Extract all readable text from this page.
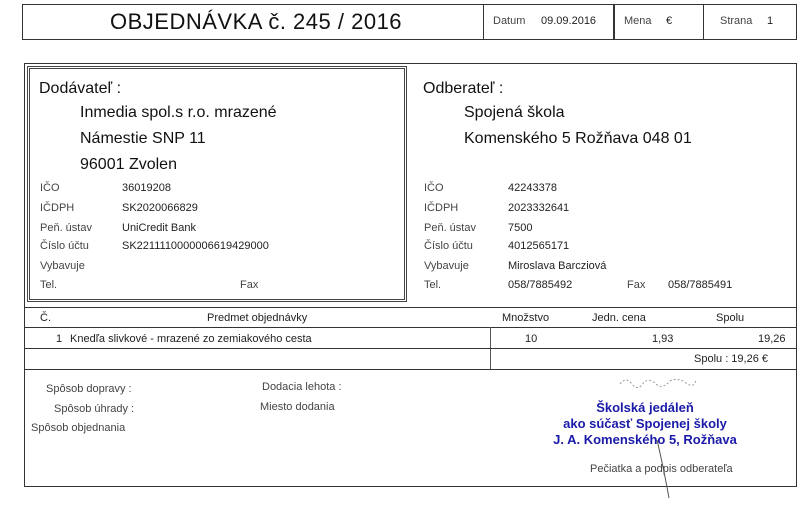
OBJEDNÁVKA č. 245 / 2016	Datum 09.09.2016	Mena €	Strana 1
Dodávateľ :
Inmedia spol.s r.o. mrazené
Námestie SNP 11
96001 Zvolen
IČO	36019208
IČDPH	SK2020066829
Peň. ústav	UniCredit Bank
Číslo účtu	SK2211110000006619429000
Vybavuje
Tel.	Fax
Odberateľ :
Spojená škola
Komenského 5 Rožňava 048 01
IČO	42243378
IČDPH	2023332641
Peň. ústav	7500
Číslo účtu	4012565171
Vybavuje	Miroslava Barcziová
Tel.	058/7885492	Fax 058/7885491
Č.	Predmet objednávky	Množstvo	Jedn. cena	Spolu
1 Knedľa slivkové - mrazené zo zemiakového cesta	10	1,93	19,26
Spolu : 19,26 €
Spôsob dopravy :	Dodacia lehota :
Spôsob úhrady :	Miesto dodania
Spôsob objednania
Školská jedáleň
ako súčasť Spojenej školy
J. A. Komenského 5, Rožňava
Pečiatka a podpis odberateľa
